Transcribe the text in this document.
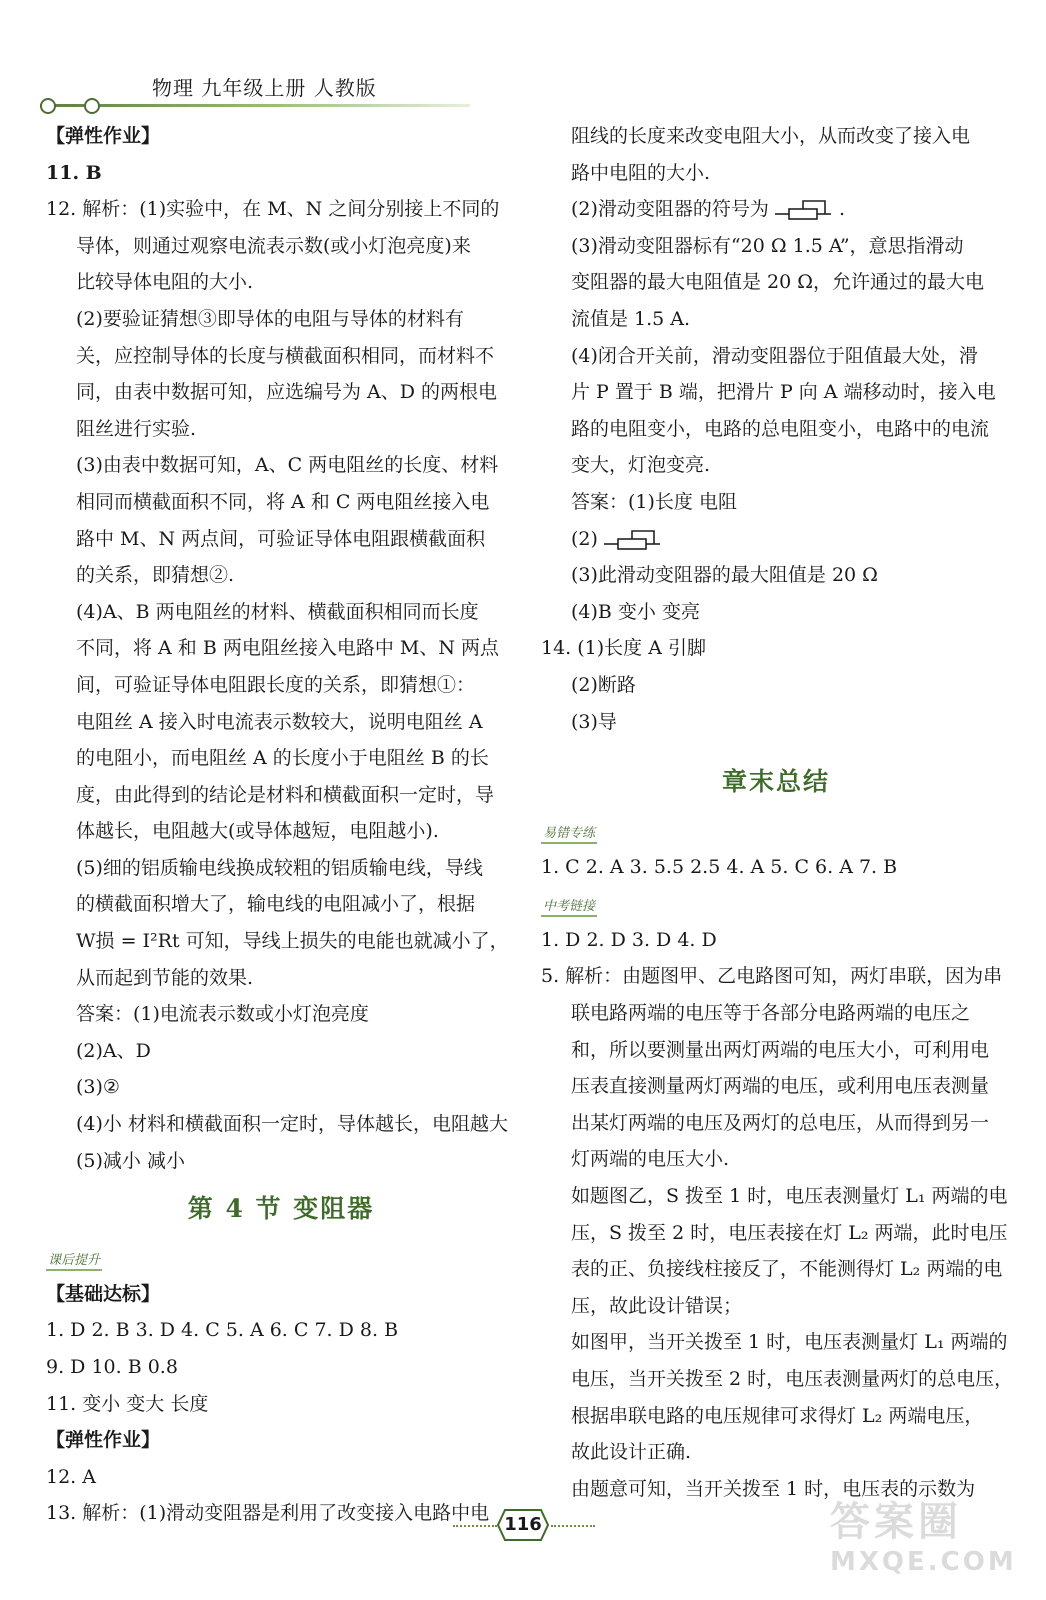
物理 九年级上册 人教版
【弹性作业】
11. B
12. 解析：(1)实验中，在 M、N 之间分别接上不同的
导体，则通过观察电流表示数(或小灯泡亮度)来
比较导体电阻的大小.
(2)要验证猜想③即导体的电阻与导体的材料有
关，应控制导体的长度与横截面积相同，而材料不
同，由表中数据可知，应选编号为 A、D 的两根电
阻丝进行实验.
(3)由表中数据可知，A、C 两电阻丝的长度、材料
相同而横截面积不同，将 A 和 C 两电阻丝接入电
路中 M、N 两点间，可验证导体电阻跟横截面积
的关系，即猜想②.
(4)A、B 两电阻丝的材料、横截面积相同而长度
不同，将 A 和 B 两电阻丝接入电路中 M、N 两点
间，可验证导体电阻跟长度的关系，即猜想①：
电阻丝 A 接入时电流表示数较大，说明电阻丝 A
的电阻小，而电阻丝 A 的长度小于电阻丝 B 的长
度，由此得到的结论是材料和横截面积一定时，导
体越长，电阻越大(或导体越短，电阻越小).
(5)细的铝质输电线换成较粗的铝质输电线，导线
的横截面积增大了，输电线的电阻减小了，根据
W损 = I²Rt 可知，导线上损失的电能也就减小了，
从而起到节能的效果.
答案：(1)电流表示数或小灯泡亮度
(2)A、D
(3)②
(4)小 材料和横截面积一定时，导体越长，电阻越大
(5)减小 减小
第 4 节 变阻器
课后提升
【基础达标】
1. D 2. B 3. D 4. C 5. A 6. C 7. D 8. B
9. D 10. B 0.8
11. 变小 变大 长度
【弹性作业】
12. A
13. 解析：(1)滑动变阻器是利用了改变接入电路中电
阻线的长度来改变电阻大小，从而改变了接入电
路中电阻的大小.
(2)滑动变阻器的符号为	.
(3)滑动变阻器标有“20 Ω 1.5 A”，意思指滑动
变阻器的最大电阻值是 20 Ω，允许通过的最大电
流值是 1.5 A.
(4)闭合开关前，滑动变阻器位于阻值最大处，滑
片 P 置于 B 端，把滑片 P 向 A 端移动时，接入电
路的电阻变小，电路的总电阻变小，电路中的电流
变大，灯泡变亮.
答案：(1)长度 电阻
(2)
(3)此滑动变阻器的最大阻值是 20 Ω
(4)B 变小 变亮
14. (1)长度 A 引脚
(2)断路
(3)导
章末总结
易错专练
1. C 2. A 3. 5.5 2.5 4. A 5. C 6. A 7. B
中考链接
1. D 2. D 3. D 4. D
5. 解析：由题图甲、乙电路图可知，两灯串联，因为串
联电路两端的电压等于各部分电路两端的电压之
和，所以要测量出两灯两端的电压大小，可利用电
压表直接测量两灯两端的电压，或利用电压表测量
出某灯两端的电压及两灯的总电压，从而得到另一
灯两端的电压大小.
如题图乙，S 拨至 1 时，电压表测量灯 L₁ 两端的电
压，S 拨至 2 时，电压表接在灯 L₂ 两端，此时电压
表的正、负接线柱接反了，不能测得灯 L₂ 两端的电
压，故此设计错误；
如图甲，当开关拨至 1 时，电压表测量灯 L₁ 两端的
电压，当开关拨至 2 时，电压表测量两灯的总电压，
根据串联电路的电压规律可求得灯 L₂ 两端电压，
故此设计正确.
由题意可知，当开关拨至 1 时，电压表的示数为
116	答案圈
MXQE.COM
